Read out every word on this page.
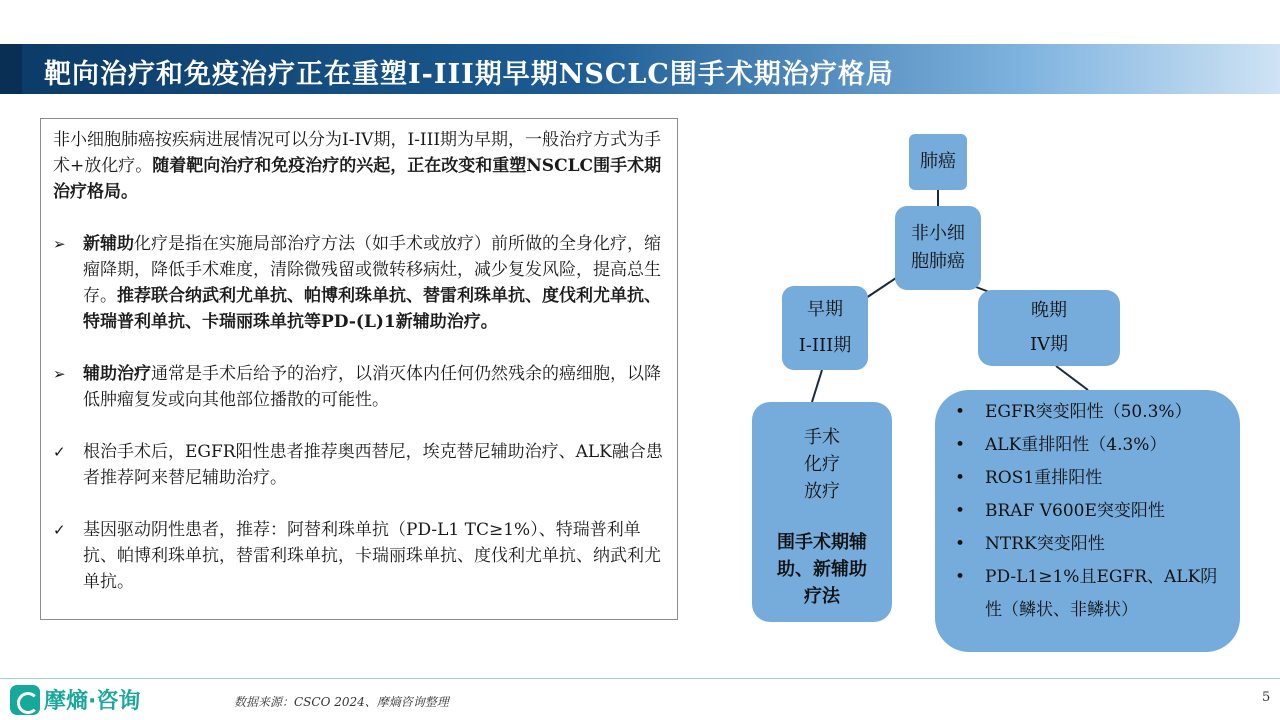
靶向治疗和免疫治疗正在重塑I-III期早期NSCLC围手术期治疗格局

非小细胞肺癌按疾病进展情况可以分为I-IV期，I-III期为早期，一般治疗方式为手术+放化疗。随着靶向治疗和免疫治疗的兴起，正在改变和重塑NSCLC围手术期治疗格局。

➢	新辅助化疗是指在实施局部治疗方法（如手术或放疗）前所做的全身化疗，缩瘤降期，降低手术难度，清除微残留或微转移病灶，减少复发风险，提高总生存。推荐联合纳武利尤单抗、帕博利珠单抗、替雷利珠单抗、度伐利尤单抗、特瑞普利单抗、卡瑞丽珠单抗等PD-(L)1新辅助治疗。
➢	辅助治疗通常是手术后给予的治疗，以消灭体内任何仍然残余的癌细胞，以降低肿瘤复发或向其他部位播散的可能性。
✓	根治手术后，EGFR阳性患者推荐奥西替尼，埃克替尼辅助治疗、ALK融合患者推荐阿来替尼辅助治疗。
✓	基因驱动阴性患者，推荐：阿替利珠单抗（PD-L1 TC≥1%）、特瑞普利单抗、帕博利珠单抗，替雷利珠单抗，卡瑞丽珠单抗、度伐利尤单抗、纳武利尤单抗。
肺癌
非小细
胞肺癌
早期
I-III期
晚期
IV期
手术
化疗
放疗
围手术期辅
助、新辅助
疗法
•	EGFR突变阳性（50.3%）
•	ALK重排阳性（4.3%）
•	ROS1重排阳性
•	BRAF V600E突变阳性
•	NTRK突变阳性
•	PD-L1≥1%且EGFR、ALK阴性（鳞状、非鳞状）
摩熵·咨询	数据来源：CSCO 2024、摩熵咨询整理	5
